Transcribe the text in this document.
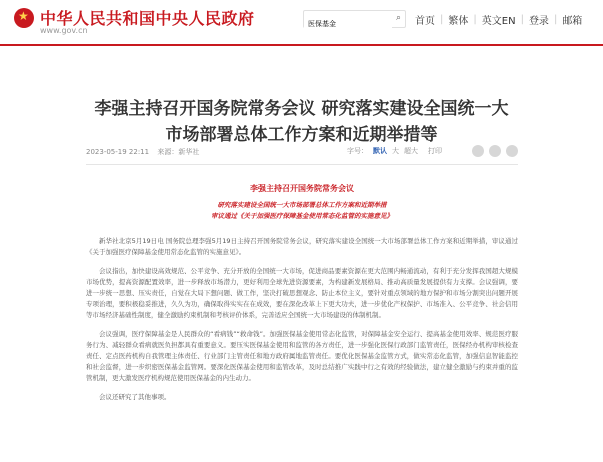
★
中华人民共和国中央人民政府
www.gov.cn
医保基金
⌕	首页 | 繁体 | 英文EN | 登录 | 邮箱
李强主持召开国务院常务会议 研究落实建设全国统一大
市场部署总体工作方案和近期举措等
2023-05-19 22:11 来源：新华社	字号： 默认 大 超大 打印
李强主持召开国务院常务会议
研究落实建设全国统一大市场部署总体工作方案和近期举措
审议通过《关于加强医疗保障基金使用常态化监管的实施意见》

新华社北京5月19日电 国务院总理李强5月19日主持召开国务院常务会议，研究落实建设全国统一大市场部署总体工作方案和近期举措，审议通过《关于加强医疗保障基金使用常态化监管的实施意见》。

会议指出，加快建设高效规范、公平竞争、充分开放的全国统一大市场，促进商品要素资源在更大范围内畅通流动，有利于充分发挥我国超大规模市场优势，提高资源配置效率，进一步释放市场潜力，更好利用全球先进资源要素，为构建新发展格局、推动高质量发展提供有力支撑。会议强调，要进一步统一思想、压实责任，自觉在大局下想问题、做工作，坚决打破思想观念、防止本位主义，要针对重点领域的地方保护和市场分割突出问题开展专项治理，要积极稳妥推进，久久为功，确保取得实实在在成效，要在深化改革上下更大功夫，进一步优化产权保护、市场准入、公平竞争、社会信用等市场经济基础性制度，健全激励约束机制和考核评价体系，完善适应全国统一大市场建设的体制机制。

会议强调，医疗保障基金是人民群众的“看病钱”“救命钱”。加强医保基金使用常态化监管，对保障基金安全运行、提高基金使用效率、规范医疗服务行为、减轻群众看病就医负担都具有重要意义。要压实医保基金使用和监管的各方责任，进一步强化医保行政部门监管责任，医保经办机构审核检查责任、定点医药机构自我管理主体责任、行业部门主管责任和地方政府属地监管责任。要优化医保基金监管方式，做实常态化监管，加强信息智能监控和社会监督，进一步织密医保基金监管网。要深化医保基金使用和监管改革，及时总结推广实践中行之有效的经验做法，建立健全激励与约束并重的监管机制，更大激发医疗机构规范使用医保基金的内生动力。

会议还研究了其他事项。
